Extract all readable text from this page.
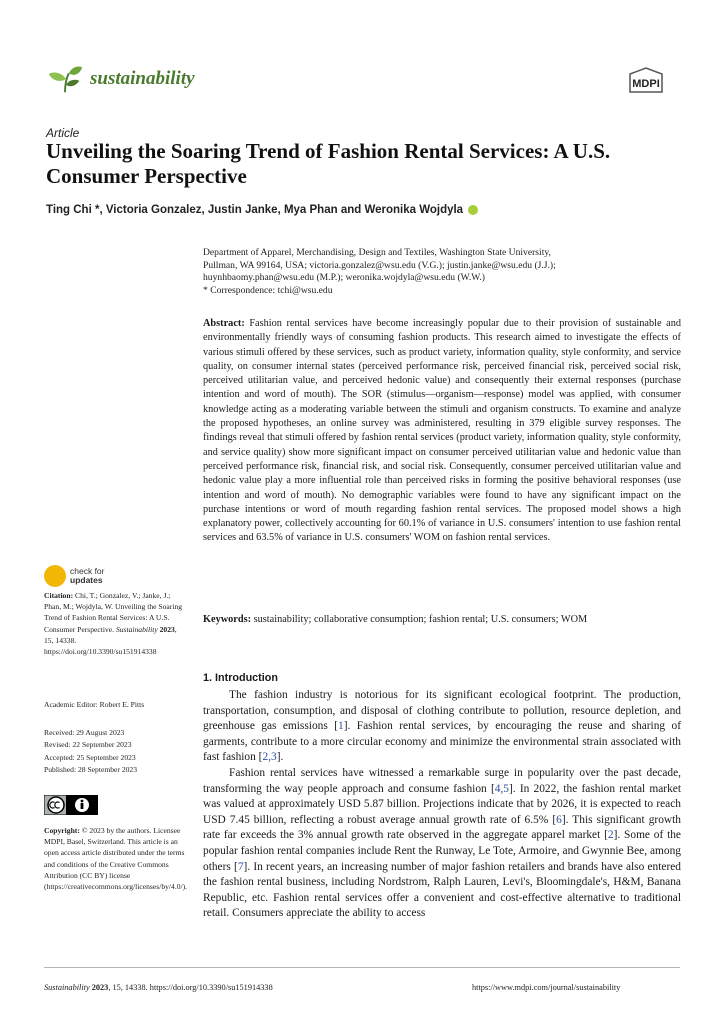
sustainability	MDPI
Article
Unveiling the Soaring Trend of Fashion Rental Services: A U.S. Consumer Perspective
Ting Chi *, Victoria Gonzalez, Justin Janke, Mya Phan and Weronika Wojdyla
Department of Apparel, Merchandising, Design and Textiles, Washington State University,
Pullman, WA 99164, USA; victoria.gonzalez@wsu.edu (V.G.); justin.janke@wsu.edu (J.J.);
huynhbaomy.phan@wsu.edu (M.P.); weronika.wojdyla@wsu.edu (W.W.)
* Correspondence: tchi@wsu.edu
Abstract: Fashion rental services have become increasingly popular due to their provision of sustainable and environmentally friendly ways of consuming fashion products. This research aimed to investigate the effects of various stimuli offered by these services, such as product variety, information quality, style conformity, and service quality, on consumer internal states (perceived performance risk, perceived financial risk, perceived social risk, perceived utilitarian value, and perceived hedonic value) and consequently their external responses (purchase intention and word of mouth). The SOR (stimulus—organism—response) model was applied, with consumer knowledge acting as a moderating variable between the stimuli and organism constructs. To examine and analyze the proposed hypotheses, an online survey was administered, resulting in 379 eligible survey responses. The findings reveal that stimuli offered by fashion rental services (product variety, information quality, style conformity, and service quality) show more significant impact on consumer perceived utilitarian value and hedonic value than perceived performance risk, financial risk, and social risk. Consequently, consumer perceived utilitarian value and hedonic value play a more influential role than perceived risks in forming the positive behavioral responses (use intention and word of mouth). No demographic variables were found to have any significant impact on the purchase intentions or word of mouth regarding fashion rental services. The proposed model shows a high explanatory power, collectively accounting for 60.1% of variance in U.S. consumers' intention to use fashion rental services and 63.5% of variance in U.S. consumers' WOM on fashion rental services.
Keywords: sustainability; collaborative consumption; fashion rental; U.S. consumers; WOM
1. Introduction

The fashion industry is notorious for its significant ecological footprint. The production, transportation, consumption, and disposal of clothing contribute to pollution, resource depletion, and greenhouse gas emissions [1]. Fashion rental services, by encouraging the reuse and sharing of garments, contribute to a more circular economy and minimize the environmental strain associated with fast fashion [2,3].

Fashion rental services have witnessed a remarkable surge in popularity over the past decade, transforming the way people approach and consume fashion [4,5]. In 2022, the fashion rental market was valued at approximately USD 5.87 billion. Projections indicate that by 2026, it is expected to reach USD 7.45 billion, reflecting a robust average annual growth rate of 6.5% [6]. This significant growth rate far exceeds the 3% annual growth rate observed in the aggregate apparel market [2]. Some of the popular fashion rental companies include Rent the Runway, Le Tote, Armoire, and Gwynnie Bee, among others [7]. In recent years, an increasing number of major fashion retailers and brands have also entered the fashion rental business, including Nordstrom, Ralph Lauren, Levi's, Bloomingdale's, H&M, Banana Republic, etc. Fashion rental services offer a convenient and cost-effective alternative to traditional retail. Consumers appreciate the ability to access

check for
updates
Citation: Chi, T.; Gonzalez, V.; Janke, J.; Phan, M.; Wojdyla, W. Unveiling the Soaring Trend of Fashion Rental Services: A U.S. Consumer Perspective. Sustainability 2023, 15, 14338. https://doi.org/10.3390/su151914338
Academic Editor: Robert E. Pitts
Received: 29 August 2023
Revised: 22 September 2023
Accepted: 25 September 2023
Published: 28 September 2023
Copyright: © 2023 by the authors. Licensee MDPI, Basel, Switzerland. This article is an open access article distributed under the terms and conditions of the Creative Commons Attribution (CC BY) license (https://creativecommons.org/licenses/by/4.0/).
Sustainability 2023, 15, 14338. https://doi.org/10.3390/su151914338	https://www.mdpi.com/journal/sustainability
